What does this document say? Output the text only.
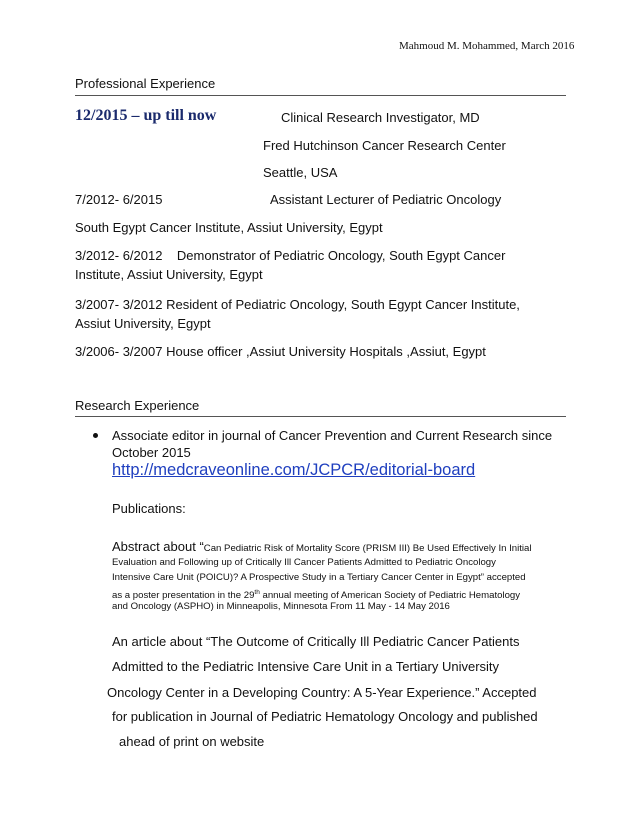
Mahmoud M. Mohammed, March 2016
Professional Experience
12/2015 – up till now	Clinical Research Investigator, MD
Fred Hutchinson Cancer Research Center
Seattle, USA
7/2012- 6/2015	Assistant Lecturer of Pediatric Oncology
South Egypt Cancer Institute, Assiut University, Egypt
3/2012- 6/2012    Demonstrator of Pediatric Oncology, South Egypt Cancer
Institute, Assiut University, Egypt
3/2007- 3/2012 Resident of Pediatric Oncology, South Egypt Cancer Institute,
Assiut University, Egypt
3/2006- 3/2007 House officer ,Assiut University Hospitals ,Assiut, Egypt
Research Experience
Associate editor in journal of Cancer Prevention and Current Research since
October 2015
http://medcraveonline.com/JCPCR/editorial-board
Publications:
Abstract about “Can Pediatric Risk of Mortality Score (PRISM III) Be Used Effectively In Initial
Evaluation and Following up of Critically Ill Cancer Patients Admitted to Pediatric Oncology
Intensive Care Unit (POICU)? A Prospective Study in a Tertiary Cancer Center in Egypt” accepted
as a poster presentation in the 29th annual meeting of American Society of Pediatric Hematology
and Oncology (ASPHO) in Minneapolis, Minnesota From 11 May - 14 May 2016
An article about “The Outcome of Critically Ill Pediatric Cancer Patients
Admitted to the Pediatric Intensive Care Unit in a Tertiary University
Oncology Center in a Developing Country: A 5-Year Experience.” Accepted
for publication in Journal of Pediatric Hematology Oncology and published
ahead of print on website
